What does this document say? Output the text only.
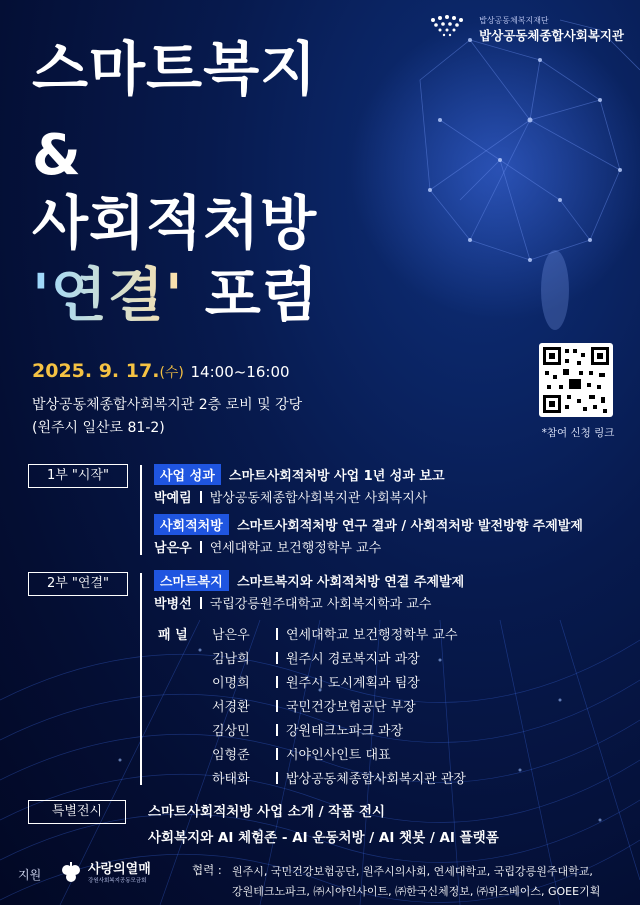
밥상공동체복지재단
밥상공동체종합사회복지관
스마트복지
&
사회적처방
'연결' 포럼
2025. 9. 17.(수) 14:00~16:00
밥상공동체종합사회복지관 2층 로비 및 강당
(원주시 일산로 81-2)	*참여 신청 링크
1부 "시작"	사업 성과 스마트사회적처방 사업 1년 성과 보고
박예림 밥상공동체종합사회복지관 사회복지사
사회적처방 스마트사회적처방 연구 결과 / 사회적처방 발전방향 주제발제
남은우 연세대학교 보건행정학부 교수
2부 "연결"	스마트복지 스마트복지와 사회적처방 연결 주제발제
박병선 국립강릉원주대학교 사회복지학과 교수
패 널 남은우	연세대학교 보건행정학부 교수
김남희	원주시 경로복지과 과장
이명희	원주시 도시계획과 팀장
서경환	국민건강보험공단 부장
김상민	강원테크노파크 과장
임형준	시야인사인트 대표
하태화	밥상공동체종합사회복지관 관장
특별전시	스마트사회적처방 사업 소개 / 작품 전시
사회복지와 AI 체험존 - AI 운동처방 / AI 챗봇 / AI 플랫폼
지원	사랑의열매
강원사회복지공동모금회
협력 : 원주시, 국민건강보험공단, 원주시의사회, 연세대학교, 국립강릉원주대학교,
강원테크노파크, ㈜시야인사이트, ㈜한국신체정보, ㈜위즈베이스, GOEE기획
